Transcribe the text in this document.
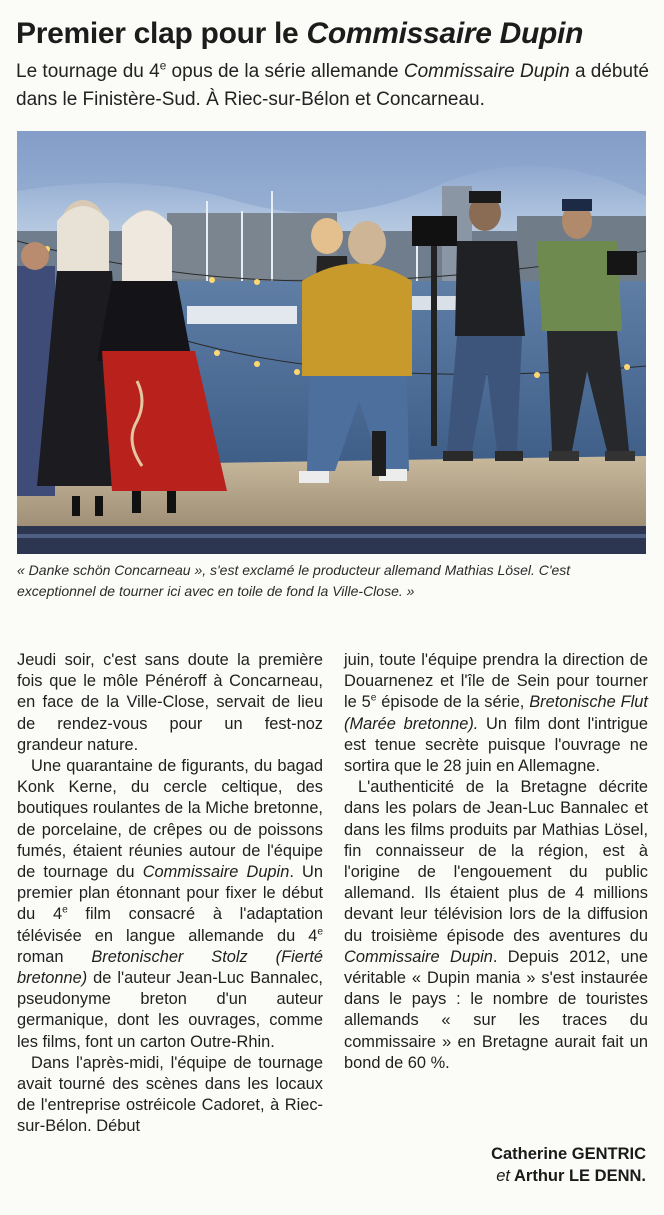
Premier clap pour le Commissaire Dupin
Le tournage du 4e opus de la série allemande Commissaire Dupin a débuté dans le Finistère-Sud. À Riec-sur-Bélon et Concarneau.
« Danke schön Concarneau », s'est exclamé le producteur allemand Mathias Lösel. C'est exceptionnel de tourner ici avec en toile de fond la Ville-Close. »

Jeudi soir, c'est sans doute la première fois que le môle Pénéroff à Concarneau, en face de la Ville-Close, servait de lieu de rendez-vous pour un fest-noz grandeur nature.

Une quarantaine de figurants, du bagad Konk Kerne, du cercle celtique, des boutiques roulantes de la Miche bretonne, de porcelaine, de crêpes ou de poissons fumés, étaient réunies autour de l'équipe de tournage du Commissaire Dupin. Un premier plan étonnant pour fixer le début du 4e film consacré à l'adaptation télévisée en langue allemande du 4e roman Bretonischer Stolz (Fierté bretonne) de l'auteur Jean-Luc Bannalec, pseudonyme breton d'un auteur germanique, dont les ouvrages, comme les films, font un carton Outre-Rhin.

Dans l'après-midi, l'équipe de tournage avait tourné des scènes dans les locaux de l'entreprise ostréicole Cadoret, à Riec-sur-Bélon. Début

juin, toute l'équipe prendra la direction de Douarnenez et l'île de Sein pour tourner le 5e épisode de la série, Bretonische Flut (Marée bretonne). Un film dont l'intrigue est tenue secrète puisque l'ouvrage ne sortira que le 28 juin en Allemagne.

L'authenticité de la Bretagne décrite dans les polars de Jean-Luc Bannalec et dans les films produits par Mathias Lösel, fin connaisseur de la région, est à l'origine de l'engouement du public allemand. Ils étaient plus de 4 millions devant leur télévision lors de la diffusion du troisième épisode des aventures du Commissaire Dupin. Depuis 2012, une véritable « Dupin mania » s'est instaurée dans le pays : le nombre de touristes allemands « sur les traces du commissaire » en Bretagne aurait fait un bond de 60 %.

Catherine GENTRIC
et Arthur LE DENN.
